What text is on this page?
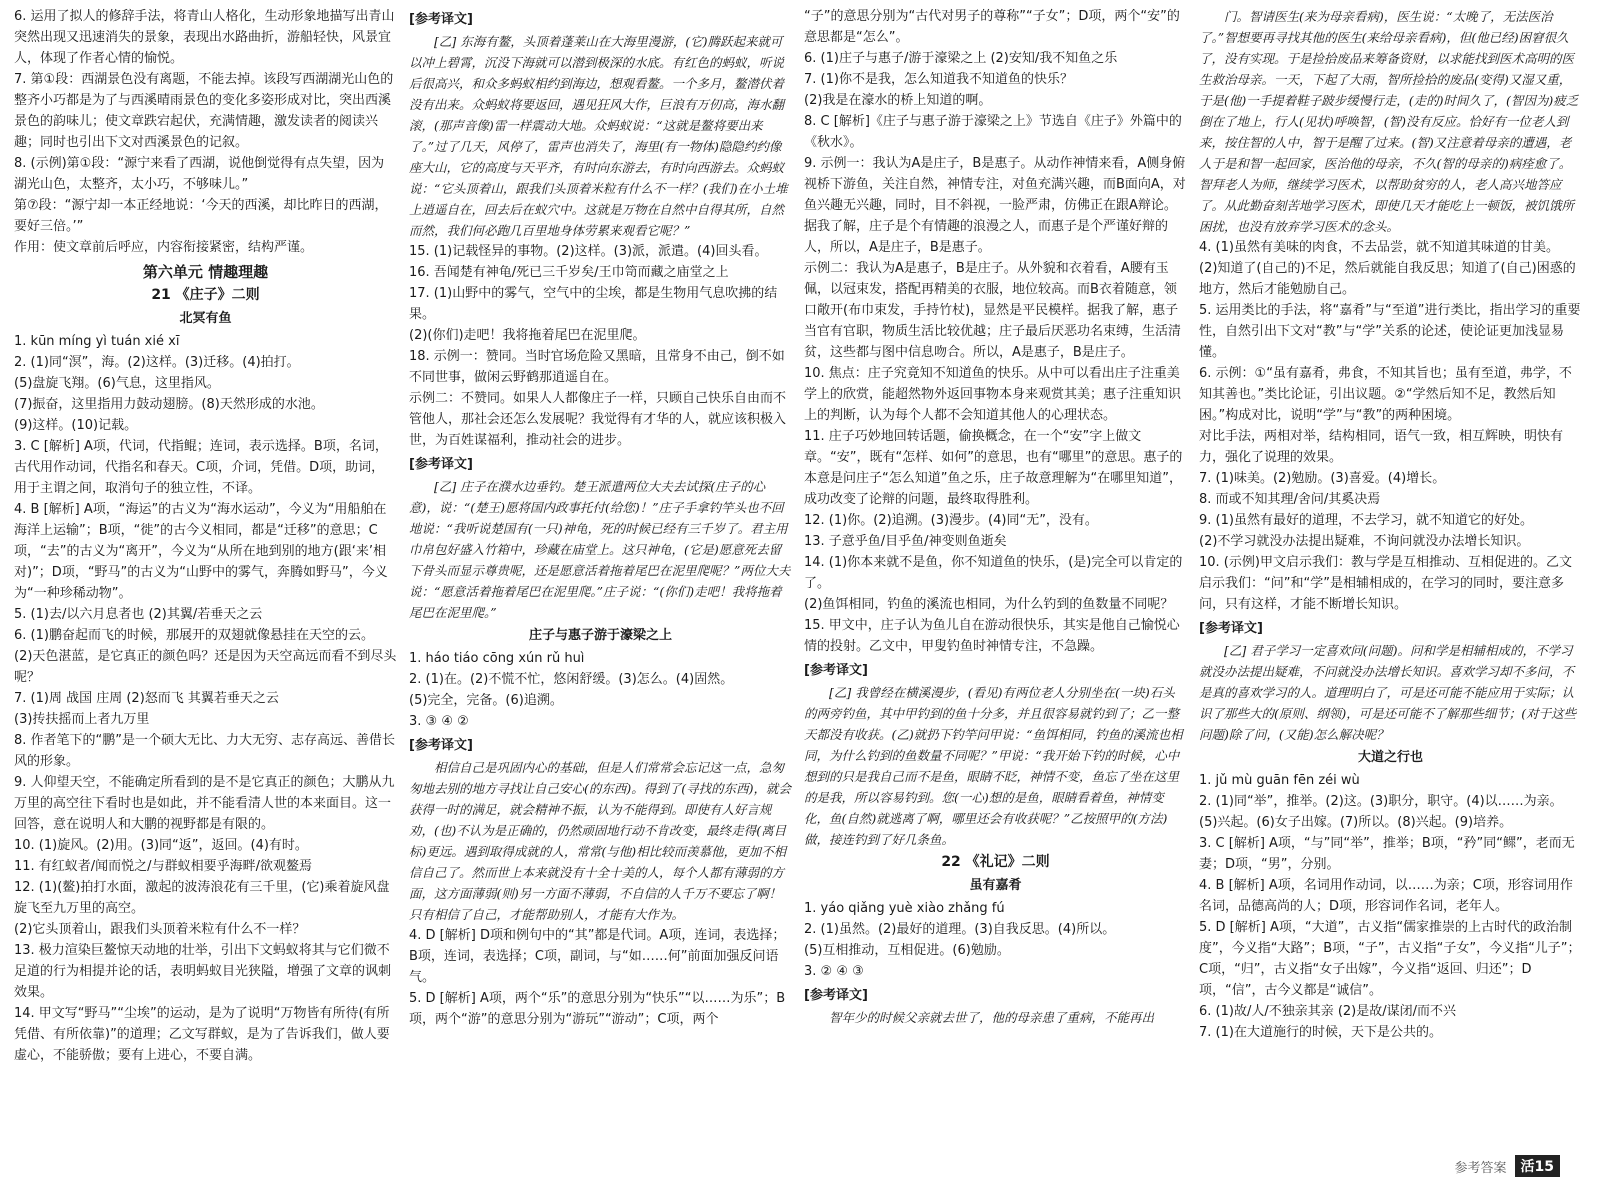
6. 运用了拟人的修辞手法，将青山人格化，生动形象地描写出青山突然出现又迅速消失的景象，表现出水路曲折，游船轻快，风景宜人，体现了作者心情的愉悦。
7. 第①段：西湖景色没有离题，不能去掉。该段写西湖湖光山色的整齐小巧都是为了与西溪晴雨景色的变化多姿形成对比，突出西溪景色的韵味儿；使文章跌宕起伏，充满情趣，激发读者的阅读兴趣；同时也引出下文对西溪景色的记叙。
8. (示例)第①段：“源宁来看了西湖，说他倒觉得有点失望，因为湖光山色，太整齐，太小巧，不够味儿。”
第⑦段：“源宁却一本正经地说：‘今天的西溪，却比昨日的西湖，要好三倍。’”
作用：使文章前后呼应，内容衔接紧密，结构严谨。
第六单元 情趣理趣
21 《庄子》二则
北冥有鱼
1. kūn míng yì tuán xié xī
2. (1)同“溟”，海。(2)这样。(3)迁移。(4)拍打。
(5)盘旋飞翔。(6)气息，这里指风。
(7)振奋，这里指用力鼓动翅膀。(8)天然形成的水池。
(9)这样。(10)记载。
3. C [解析] A项，代词，代指鲲；连词，表示选择。B项，名词，古代用作动词，代指名和春天。C项，介词，凭借。D项，助词，用于主谓之间，取消句子的独立性，不译。
4. B [解析] A项，“海运”的古义为“海水运动”，今义为“用船舶在海洋上运输”；B项，“徙”的古今义相同，都是“迁移”的意思；C项，“去”的古义为“离开”，今义为“从所在地到别的地方(跟‘来’相对)”；D项，“野马”的古义为“山野中的雾气，奔腾如野马”，今义为“一种珍稀动物”。
5. (1)去/以六月息者也 (2)其翼/若垂天之云
6. (1)鹏奋起而飞的时候，那展开的双翅就像悬挂在天空的云。
(2)天色湛蓝，是它真正的颜色吗？还是因为天空高远而看不到尽头呢？
7. (1)周 战国 庄周 (2)怒而飞 其翼若垂天之云
(3)抟扶摇而上者九万里
8. 作者笔下的“鹏”是一个硕大无比、力大无穷、志存高远、善借长风的形象。
9. 人仰望天空，不能确定所看到的是不是它真正的颜色；大鹏从九万里的高空往下看时也是如此，并不能看清人世的本来面目。这一回答，意在说明人和大鹏的视野都是有限的。
10. (1)旋风。(2)用。(3)同“返”，返回。(4)有时。
11. 有红蚁者/闻而悦之/与群蚁相要乎海畔/欲观鳌焉
12. (1)(鳌)拍打水面，激起的波涛浪花有三千里，(它)乘着旋风盘旋飞至九万里的高空。
(2)它头顶着山，跟我们头顶着米粒有什么不一样？
13. 极力渲染巨鳌惊天动地的壮举，引出下文蚂蚁将其与它们微不足道的行为相提并论的话，表明蚂蚁目光狭隘，增强了文章的讽刺效果。
14. 甲文写“野马”“尘埃”的运动，是为了说明“万物皆有所待(有所凭借、有所依靠)”的道理；乙文写群蚁，是为了告诉我们，做人要虚心，不能骄傲；要有上进心，不要自满。
[参考译文]
[乙] 东海有鳌，头顶着蓬莱山在大海里漫游，(它)腾跃起来就可以冲上碧霄，沉没下海就可以潜到极深的水底。有红色的蚂蚁，听说后很高兴，和众多蚂蚁相约到海边，想观看鳌。一个多月，鳌潜伏着没有出来。众蚂蚁将要返回，遇见狂风大作，巨浪有万仞高，海水翻滚，(那声音像)雷一样震动大地。众蚂蚁说：“这就是鳌将要出来了。”过了几天，风停了，雷声也消失了，海里(有一物体)隐隐约约像座大山，它的高度与天平齐，有时向东游去，有时向西游去。众蚂蚁说：“它头顶着山，跟我们头顶着米粒有什么不一样？(我们)在小土堆上逍遥自在，回去后在蚁穴中。这就是万物在自然中自得其所，自然而然，我们何必跑几百里地身体劳累来观看它呢？”
15. (1)记载怪异的事物。(2)这样。(3)派，派遣。(4)回头看。
16. 吾闻楚有神龟/死已三千岁矣/王巾笥而藏之庙堂之上
17. (1)山野中的雾气，空气中的尘埃，都是生物用气息吹拂的结果。
(2)(你们)走吧！我将拖着尾巴在泥里爬。
18. 示例一：赞同。当时官场危险又黑暗，且常身不由己，倒不如不同世事，做闲云野鹤那逍遥自在。
示例二：不赞同。如果人人都像庄子一样，只顾自己快乐自由而不管他人，那社会还怎么发展呢？我觉得有才华的人，就应该积极入世，为百姓谋福利，推动社会的进步。
[参考译文]
[乙] 庄子在濮水边垂钓。楚王派遣两位大夫去试探(庄子的心意)，说：“(楚王)愿将国内政事托付(给您)！”庄子手拿钓竿头也不回地说：“我听说楚国有(一只)神龟，死的时候已经有三千岁了。君主用巾帛包好盛入竹箱中，珍藏在庙堂上。这只神龟，(它是)愿意死去留下骨头而显示尊贵呢，还是愿意活着拖着尾巴在泥里爬呢？”两位大夫说：“愿意活着拖着尾巴在泥里爬。”庄子说：“(你们)走吧！我将拖着尾巴在泥里爬。”
庄子与惠子游于濠梁之上
1. háo tiáo cōng xún rǔ huì
2. (1)在。(2)不慌不忙，悠闲舒缓。(3)怎么。(4)固然。
(5)完全，完备。(6)追溯。
3. ③ ④ ②
[参考译文]
相信自己是巩固内心的基础，但是人们常常会忘记这一点，急匆匆地去别的地方寻找让自己安心(的东西)。得到了(寻找的东西)，就会获得一时的满足，就会精神不振，认为不能得到。即使有人好言规劝，(也)不认为是正确的，仍然顽固地行动不肯改变，最终走得(离目标)更远。遇到取得成就的人，常常(与他)相比较而羡慕他，更加不相信自己了。然而世上本来就没有十全十美的人，每个人都有薄弱的方面，这方面薄弱(则)另一方面不薄弱，不自信的人千万不要忘了啊！只有相信了自己，才能帮助别人，才能有大作为。
4. D [解析] D项和例句中的“其”都是代词。A项，连词，表选择；B项，连词，表选择；C项，副词，与“如……何”前面加强反问语气。
5. D [解析] A项，两个“乐”的意思分别为“快乐”“以……为乐”；B项，两个“游”的意思分别为“游玩”“游动”；C项，两个
“子”的意思分别为“古代对男子的尊称”“子女”；D项，两个“安”的意思都是“怎么”。
6. (1)庄子与惠子/游于濠梁之上 (2)安知/我不知鱼之乐
7. (1)你不是我，怎么知道我不知道鱼的快乐？
(2)我是在濠水的桥上知道的啊。
8. C [解析]《庄子与惠子游于濠梁之上》节选自《庄子》外篇中的《秋水》。
9. 示例一：我认为A是庄子，B是惠子。从动作神情来看，A侧身俯视桥下游鱼，关注自然，神情专注，对鱼充满兴趣，而B面向A，对鱼兴趣无兴趣，同时，目不斜视，一脸严肃，仿佛正在跟A辩论。据我了解，庄子是个有情趣的浪漫之人，而惠子是个严谨好辩的人，所以，A是庄子，B是惠子。
示例二：我认为A是惠子，B是庄子。从外貌和衣着看，A腰有玉佩，以冠束发，搭配再精美的衣服，地位较高。而B衣着随意，领口敞开(布巾束发，手持竹杖)，显然是平民模样。据我了解，惠子当官有官职，物质生活比较优越；庄子最后厌恶功名束缚，生活清贫，这些都与图中信息吻合。所以，A是惠子，B是庄子。
10. 焦点：庄子究竟知不知道鱼的快乐。从中可以看出庄子注重美学上的欣赏，能超然物外返回事物本身来观赏其美；惠子注重知识上的判断，认为每个人都不会知道其他人的心理状态。
11. 庄子巧妙地回转话题，偷换概念，在一个“安”字上做文章。“安”，既有“怎样、如何”的意思，也有“哪里”的意思。惠子的本意是问庄子“怎么知道”鱼之乐，庄子故意理解为“在哪里知道”，成功改变了论辩的问题，最终取得胜利。
12. (1)你。(2)追溯。(3)漫步。(4)同“无”，没有。
13. 子意乎鱼/目乎鱼/神变则鱼逝矣
14. (1)你本来就不是鱼，你不知道鱼的快乐，(是)完全可以肯定的了。
(2)鱼饵相同，钓鱼的溪流也相同，为什么钓到的鱼数量不同呢？
15. 甲文中，庄子认为鱼儿自在游动很快乐，其实是他自己愉悦心情的投射。乙文中，甲叟钓鱼时神情专注，不急躁。
[参考译文]
[乙] 我曾经在横溪漫步，(看见)有两位老人分别坐在(一块)石头的两旁钓鱼，其中甲钓到的鱼十分多，并且很容易就钓到了；乙一整天都没有收获。(乙)就扔下钓竿问甲说：“鱼饵相同，钓鱼的溪流也相同，为什么钓到的鱼数量不同呢？”甲说：“我开始下钓的时候，心中想到的只是我自己而不是鱼，眼睛不眨，神情不变，鱼忘了坐在这里的是我，所以容易钓到。您(一心)想的是鱼，眼睛看着鱼，神情变化，鱼(自然)就逃离了啊，哪里还会有收获呢？”乙按照甲的(方法)做，接连钓到了好几条鱼。
22 《礼记》二则
虽有嘉肴
1. yáo qiǎng yuè xiào zhǎng fú
2. (1)虽然。(2)最好的道理。(3)自我反思。(4)所以。
(5)互相推动，互相促进。(6)勉励。
3. ② ④ ③
[参考译文]
智年少的时候父亲就去世了，他的母亲患了重病，不能再出
门。智请医生(来为母亲看病)，医生说：“太晚了，无法医治了。”智想要再寻找其他的医生(来给母亲看病)，但(他已经)困窘很久了，没有实现。于是捡拾废品来筹备资财，以求能找到医术高明的医生救治母亲。一天，下起了大雨，智所捡拾的废品(变得)又湿又重，于是(他)一手提着鞋子跛步缓慢行走，(走的)时间久了，(智因为)疲乏倒在了地上，行人(见状)呼唤智，(智)没有反应。恰好有一位老人到来，按住智的人中，智于是醒了过来。(智)又注意着母亲的遭遇，老人于是和智一起回家，医治他的母亲，不久(智的母亲的)病痊愈了。智拜老人为师，继续学习医术，以帮助贫穷的人，老人高兴地答应了。从此勤奋刻苦地学习医术，即使几天才能吃上一顿饭，被饥饿所困扰，也没有放弃学习医术的念头。
4. (1)虽然有美味的肉食，不去品尝，就不知道其味道的甘美。
(2)知道了(自己的)不足，然后就能自我反思；知道了(自己)困惑的地方，然后才能勉励自己。
5. 运用类比的手法，将“嘉肴”与“至道”进行类比，指出学习的重要性，自然引出下文对“教”与“学”关系的论述，使论证更加浅显易懂。
6. 示例：①“虽有嘉肴，弗食，不知其旨也；虽有至道，弗学，不知其善也。”类比论证，引出议题。②“学然后知不足，教然后知困。”构成对比，说明“学”与“教”的两种困境。
对比手法，两相对举，结构相同，语气一致，相互辉映，明快有力，强化了说理的效果。
7. (1)味美。(2)勉励。(3)喜爱。(4)增长。
8. 而或不知其理/舍问/其奚决焉
9. (1)虽然有最好的道理，不去学习，就不知道它的好处。
(2)不学习就没办法提出疑难，不询问就没办法增长知识。
10. (示例)甲文启示我们：教与学是互相推动、互相促进的。乙文启示我们：“问”和“学”是相辅相成的，在学习的同时，要注意多问，只有这样，才能不断增长知识。
[参考译文]
[乙] 君子学习一定喜欢问(问题)。问和学是相辅相成的，不学习就没办法提出疑难，不问就没办法增长知识。喜欢学习却不多问，不是真的喜欢学习的人。道理明白了，可是还可能不能应用于实际；认识了那些大的(原则、纲领)，可是还可能不了解那些细节；(对于这些问题)除了问，(又能)怎么解决呢？
大道之行也
1. jǔ mù guān fēn zéi wù
2. (1)同“举”，推举。(2)这。(3)职分，职守。(4)以……为亲。
(5)兴起。(6)女子出嫁。(7)所以。(8)兴起。(9)培养。
3. C [解析] A项，“与”同“举”，推举；B项，“矜”同“鳏”，老而无妻；D项，“男”，分别。
4. B [解析] A项，名词用作动词，以……为亲；C项，形容词用作名词，品德高尚的人；D项，形容词作名词，老年人。
5. D [解析] A项，“大道”，古义指“儒家推崇的上古时代的政治制度”，今义指“大路”；B项，“子”，古义指“子女”，今义指“儿子”；C项，“归”，古义指“女子出嫁”，今义指“返回、归还”；D项，“信”，古今义都是“诚信”。
6. (1)故/人/不独亲其亲 (2)是故/谋闭/而不兴
7. (1)在大道施行的时候，天下是公共的。
参考答案	活15
